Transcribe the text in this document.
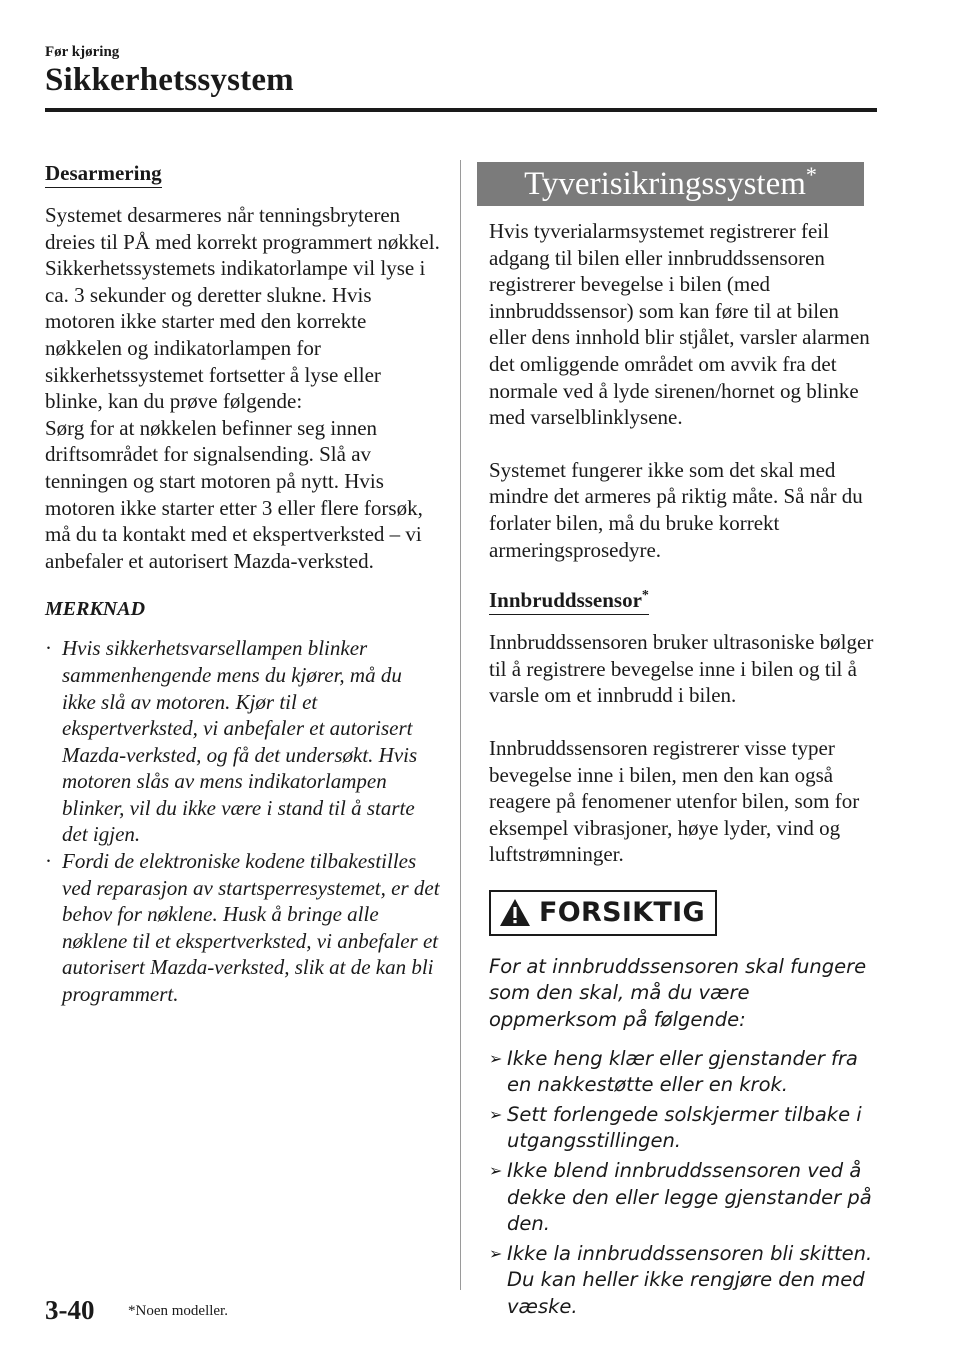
Før kjøring
Sikkerhetssystem
Desarmering

Systemet desarmeres når tenningsbryteren dreies til PÅ med korrekt programmert nøkkel. Sikkerhetssystemets indikatorlampe vil lyse i ca. 3 sekunder og deretter slukne. Hvis motoren ikke starter med den korrekte nøkkelen og indikatorlampen for sikkerhetssystemet fortsetter å lyse eller blinke, kan du prøve følgende:

Sørg for at nøkkelen befinner seg innen driftsområdet for signalsending. Slå av tenningen og start motoren på nytt. Hvis motoren ikke starter etter 3 eller flere forsøk, må du ta kontakt med et ekspertverksted – vi anbefaler et autorisert Mazda-verksted.

MERKNAD
· Hvis sikkerhetsvarsellampen blinker sammenhengende mens du kjører, må du ikke slå av motoren. Kjør til et ekspertverksted, vi anbefaler et autorisert Mazda-verksted, og få det undersøkt. Hvis motoren slås av mens indikatorlampen blinker, vil du ikke være i stand til å starte det igjen.
· Fordi de elektroniske kodene tilbakestilles ved reparasjon av startsperresystemet, er det behov for nøklene. Husk å bringe alle nøklene til et ekspertverksted, vi anbefaler et autorisert Mazda-verksted, slik at de kan bli programmert.
Tyverisikringssystem*

Hvis tyverialarmsystemet registrerer feil adgang til bilen eller innbruddssensoren registrerer bevegelse i bilen (med innbruddssensor) som kan føre til at bilen eller dens innhold blir stjålet, varsler alarmen det omliggende området om avvik fra det normale ved å lyde sirenen/hornet og blinke med varselblinklysene.

Systemet fungerer ikke som det skal med mindre det armeres på riktig måte. Så når du forlater bilen, må du bruke korrekt armeringsprosedyre.

Innbruddssensor*

Innbruddssensoren bruker ultrasoniske bølger til å registrere bevegelse inne i bilen og til å varsle om et innbrudd i bilen.

Innbruddssensoren registrerer visse typer bevegelse inne i bilen, men den kan også reagere på fenomener utenfor bilen, som for eksempel vibrasjoner, høye lyder, vind og luftstrømninger.

FORSIKTIG

For at innbruddssensoren skal fungere som den skal, må du være oppmerksom på følgende:

➢ Ikke heng klær eller gjenstander fra en nakkestøtte eller en krok.
➢ Sett forlengede solskjermer tilbake i utgangsstillingen.
➢ Ikke blend innbruddssensoren ved å dekke den eller legge gjenstander på den.
➢ Ikke la innbruddssensoren bli skitten. Du kan heller ikke rengjøre den med væske.
3-40 *Noen modeller.
